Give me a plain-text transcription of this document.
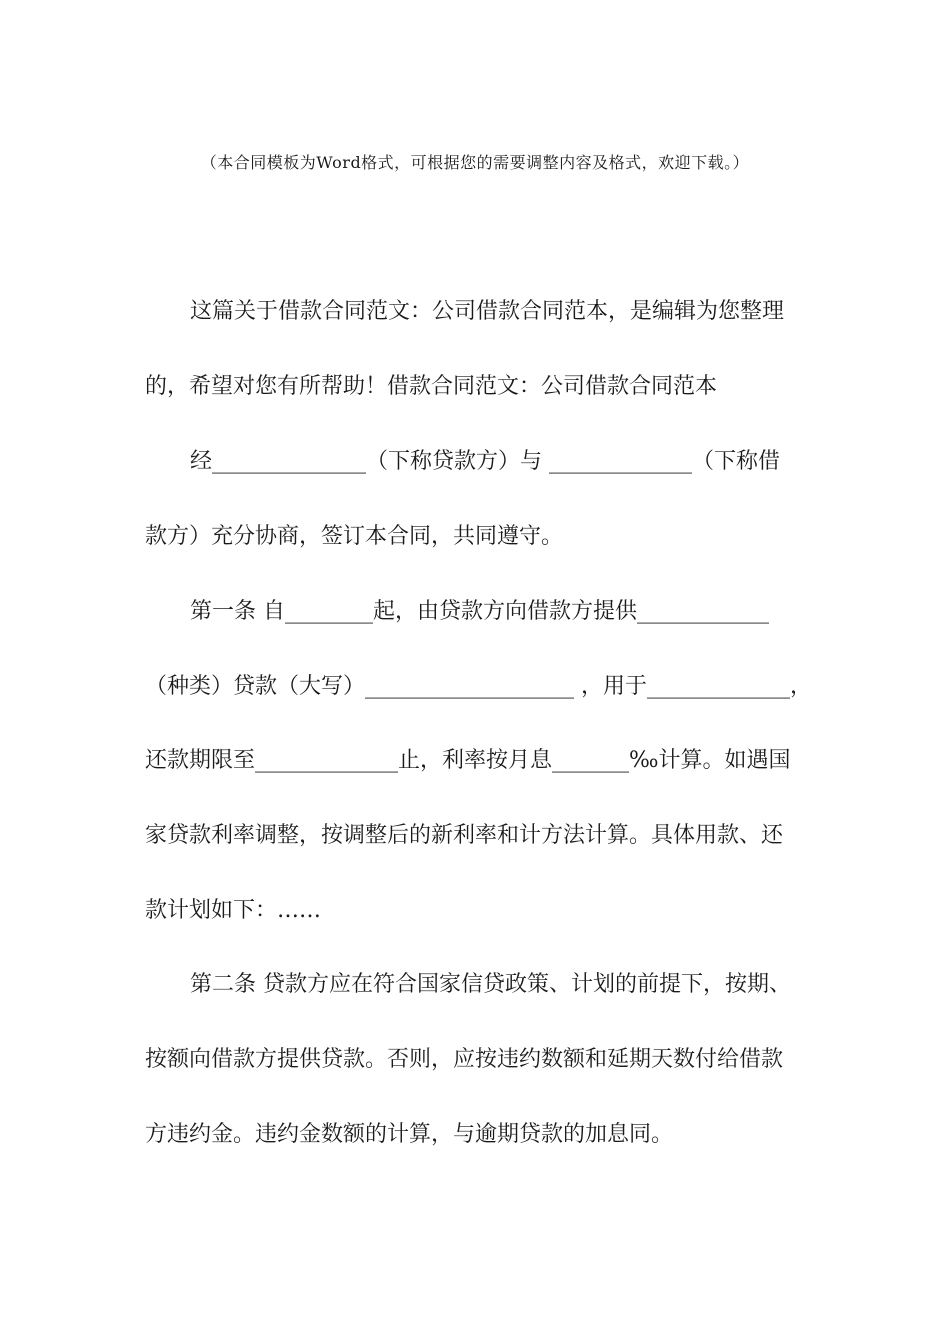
（本合同模板为Word格式，可根据您的需要调整内容及格式，欢迎下载。）
这篇关于借款合同范文：公司借款合同范本，是编辑为您整理
的，希望对您有所帮助！借款合同范文：公司借款合同范本
经______________（下称贷款方）与 _____________（下称借
款方）充分协商，签订本合同，共同遵守。
第一条 自________起，由贷款方向借款方提供____________
（种类）贷款（大写）___________________ ，用于_____________，
还款期限至_____________止，利率按月息_______‰计算。如遇国
家贷款利率调整，按调整后的新利率和计方法计算。具体用款、还
款计划如下：……
第二条 贷款方应在符合国家信贷政策、计划的前提下，按期、
按额向借款方提供贷款。否则，应按违约数额和延期天数付给借款
方违约金。违约金数额的计算，与逾期贷款的加息同。
